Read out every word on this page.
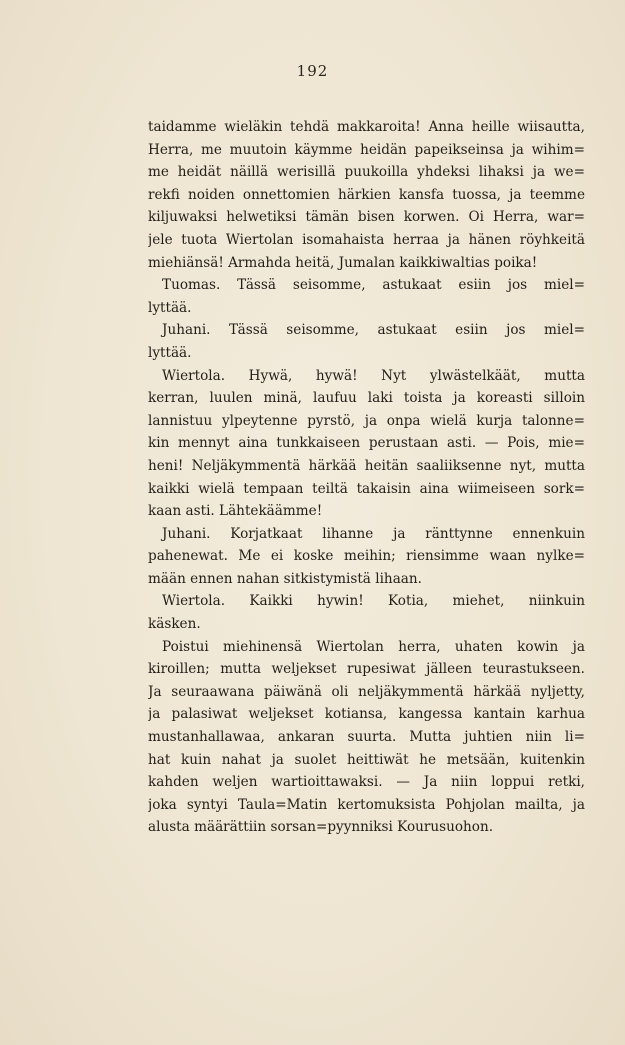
192
taidamme wieläkin tehdä makkaroita! Anna heille wiisautta,
Herra, me muutoin käymme heidän papeikseinsa ja wihim=
me heidät näillä werisillä puukoilla yhdeksi lihaksi ja we=
rekfi noiden onnettomien härkien kansfa tuossa, ja teemme
kiljuwaksi helwetiksi tämän bisen korwen. Oi Herra, war=
jele tuota Wiertolan isomahaista herraa ja hänen röyhkeitä
miehiänsä! Armahda heitä, Jumalan kaikkiwaltias poika!
Tuomas. Tässä seisomme, astukaat esiin jos miel=
lyttää.
Juhani. Tässä seisomme, astukaat esiin jos miel=
lyttää.
Wiertola. Hywä, hywä! Nyt ylwästelkäät, mutta
kerran, luulen minä, laufuu laki toista ja koreasti silloin
lannistuu ylpeytenne pyrstö, ja onpa wielä kurja talonne=
kin mennyt aina tunkkaiseen perustaan asti. — Pois, mie=
heni! Neljäkymmentä härkää heitän saaliiksenne nyt, mutta
kaikki wielä tempaan teiltä takaisin aina wiimeiseen sork=
kaan asti. Lähtekäämme!
Juhani. Korjatkaat lihanne ja ränttynne ennenkuin
pahenewat. Me ei koske meihin; riensimme waan nylke=
mään ennen nahan sitkistymistä lihaan.
Wiertola. Kaikki hywin! Kotia, miehet, niinkuin
käsken.
Poistui miehinensä Wiertolan herra, uhaten kowin ja
kiroillen; mutta weljekset rupesiwat jälleen teurastukseen.
Ja seuraawana päiwänä oli neljäkymmentä härkää nyljetty,
ja palasiwat weljekset kotiansa, kangessa kantain karhua
mustanhallawaa, ankaran suurta. Mutta juhtien niin li=
hat kuin nahat ja suolet heittiwät he metsään, kuitenkin
kahden weljen wartioittawaksi. — Ja niin loppui retki,
joka syntyi Taula=Matin kertomuksista Pohjolan mailta, ja
alusta määrättiin sorsan=pyynniksi Kourusuohon.
